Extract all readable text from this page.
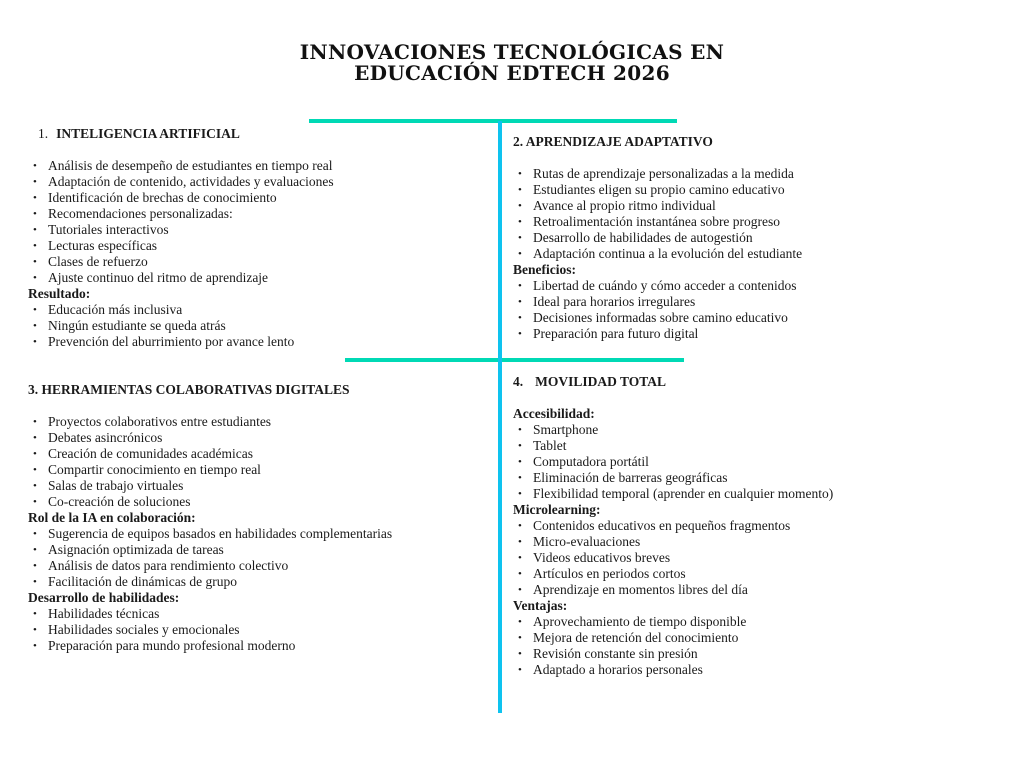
INNOVACIONES TECNOLÓGICAS EN
EDUCACIÓN EDTECH 2026
1. INTELIGENCIA ARTIFICIAL
• Análisis de desempeño de estudiantes en tiempo real
• Adaptación de contenido, actividades y evaluaciones
• Identificación de brechas de conocimiento
• Recomendaciones personalizadas:
• Tutoriales interactivos
• Lecturas específicas
• Clases de refuerzo
• Ajuste continuo del ritmo de aprendizaje
Resultado:
• Educación más inclusiva
• Ningún estudiante se queda atrás
• Prevención del aburrimiento por avance lento
2. APRENDIZAJE ADAPTATIVO
• Rutas de aprendizaje personalizadas a la medida
• Estudiantes eligen su propio camino educativo
• Avance al propio ritmo individual
• Retroalimentación instantánea sobre progreso
• Desarrollo de habilidades de autogestión
• Adaptación continua a la evolución del estudiante
Beneficios:
• Libertad de cuándo y cómo acceder a contenidos
• Ideal para horarios irregulares
• Decisiones informadas sobre camino educativo
• Preparación para futuro digital
3. HERRAMIENTAS COLABORATIVAS DIGITALES
• Proyectos colaborativos entre estudiantes
• Debates asincrónicos
• Creación de comunidades académicas
• Compartir conocimiento en tiempo real
• Salas de trabajo virtuales
• Co-creación de soluciones
Rol de la IA en colaboración:
• Sugerencia de equipos basados en habilidades complementarias
• Asignación optimizada de tareas
• Análisis de datos para rendimiento colectivo
• Facilitación de dinámicas de grupo
Desarrollo de habilidades:
• Habilidades técnicas
• Habilidades sociales y emocionales
• Preparación para mundo profesional moderno
4. MOVILIDAD TOTAL
Accesibilidad:
• Smartphone
• Tablet
• Computadora portátil
• Eliminación de barreras geográficas
• Flexibilidad temporal (aprender en cualquier momento)
Microlearning:
• Contenidos educativos en pequeños fragmentos
• Micro-evaluaciones
• Videos educativos breves
• Artículos en periodos cortos
• Aprendizaje en momentos libres del día
Ventajas:
• Aprovechamiento de tiempo disponible
• Mejora de retención del conocimiento
• Revisión constante sin presión
• Adaptado a horarios personales
